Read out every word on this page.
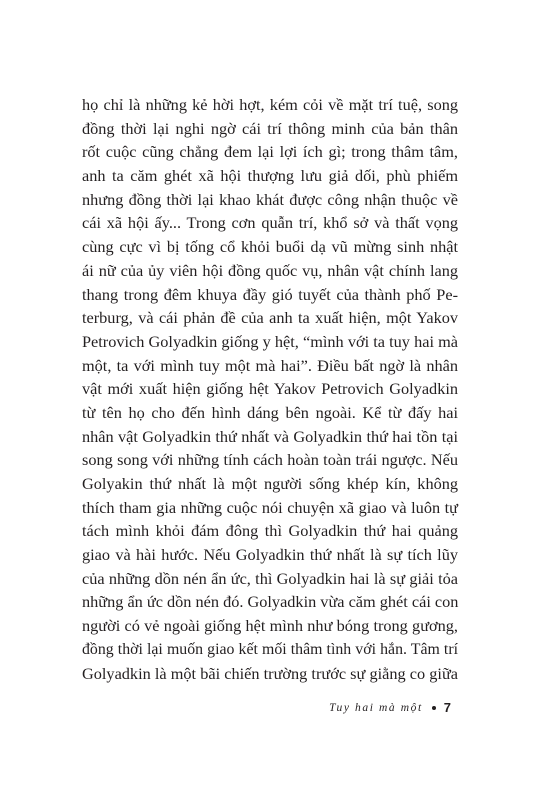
họ chỉ là những kẻ hời hợt, kém cỏi về mặt trí tuệ, song
đồng thời lại nghi ngờ cái trí thông minh của bản thân
rốt cuộc cũng chẳng đem lại lợi ích gì; trong thâm tâm,
anh ta căm ghét xã hội thượng lưu giả dối, phù phiếm
nhưng đồng thời lại khao khát được công nhận thuộc về
cái xã hội ấy... Trong cơn quẫn trí, khổ sở và thất vọng
cùng cực vì bị tống cổ khỏi buổi dạ vũ mừng sinh nhật
ái nữ của ủy viên hội đồng quốc vụ, nhân vật chính lang
thang trong đêm khuya đầy gió tuyết của thành phố Pe-
terburg, và cái phản đề của anh ta xuất hiện, một Yakov
Petrovich Golyadkin giống y hệt, “mình với ta tuy hai mà
một, ta với mình tuy một mà hai”. Điều bất ngờ là nhân
vật mới xuất hiện giống hệt Yakov Petrovich Golyadkin
từ tên họ cho đến hình dáng bên ngoài. Kể từ đấy hai
nhân vật Golyadkin thứ nhất và Golyadkin thứ hai tồn tại
song song với những tính cách hoàn toàn trái ngược. Nếu
Golyakin thứ nhất là một người sống khép kín, không
thích tham gia những cuộc nói chuyện xã giao và luôn tự
tách mình khỏi đám đông thì Golyadkin thứ hai quảng
giao và hài hước. Nếu Golyadkin thứ nhất là sự tích lũy
của những dồn nén ẩn ức, thì Golyadkin hai là sự giải tỏa
những ẩn ức dồn nén đó. Golyadkin vừa căm ghét cái con
người có vẻ ngoài giống hệt mình như bóng trong gương,
đồng thời lại muốn giao kết mối thâm tình với hắn. Tâm trí
Golyadkin là một bãi chiến trường trước sự giằng co giữa
Tuy hai mà một 7
